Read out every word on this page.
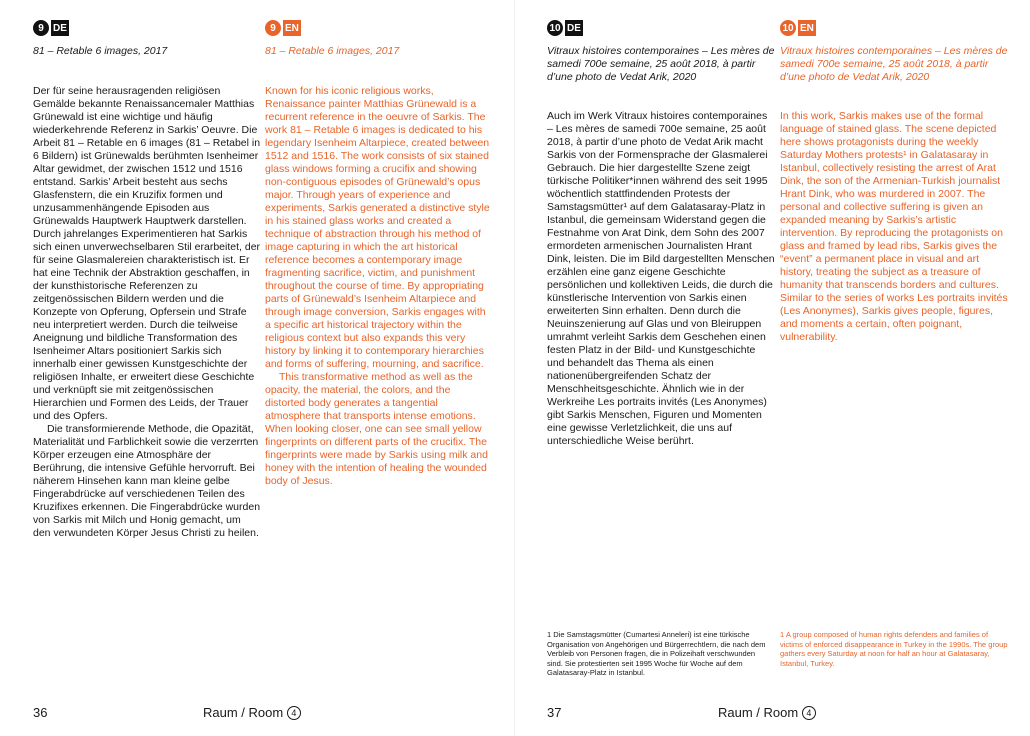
9 DE
81 – Retable 6 images, 2017

Der für seine herausragenden religiösen Gemälde bekannte Renaissancemaler Matthias Grünewald ist eine wichtige und häufig wiederkehrende Referenz in Sarkis’ Oeuvre. Die Arbeit 81 – Retable en 6 images (81 – Retabel in 6 Bildern) ist Grünewalds berühmten Isenheimer Altar gewidmet, der zwischen 1512 und 1516 entstand. Sarkis’ Arbeit besteht aus sechs Glasfenstern, die ein Kruzifix formen und unzusammenhängende Episoden aus Grünewalds Hauptwerk Hauptwerk darstellen. Durch jahrelanges Experimentieren hat Sarkis sich einen unverwechselbaren Stil erarbeitet, der für seine Glasmalereien charakteristisch ist. Er hat eine Technik der Abstraktion geschaffen, in der kunsthistorische Referenzen zu zeitgenössischen Bildern werden und die Konzepte von Opferung, Opfersein und Strafe neu interpretiert werden. Durch die teilweise Aneignung und bildliche Transformation des Isenheimer Altars positioniert Sarkis sich innerhalb einer gewissen Kunstgeschichte der religiösen Inhalte, er erweitert diese Geschichte und verknüpft sie mit zeitgenössischen Hierarchien und Formen des Leids, der Trauer und des Opfers.

Die transformierende Methode, die Opazität, Materialität und Farblichkeit sowie die verzerrten Körper erzeugen eine Atmosphäre der Berührung, die intensive Gefühle hervorruft. Bei näherem Hinsehen kann man kleine gelbe Fingerabdrücke auf verschiedenen Teilen des Kruzifixes erkennen. Die Fingerabdrücke wurden von Sarkis mit Milch und Honig gemacht, um den verwundeten Körper Jesus Christi zu heilen.

9 EN
81 – Retable 6 images, 2017

Known for his iconic religious works, Renaissance painter Matthias Grünewald is a recurrent reference in the oeuvre of Sarkis. The work 81 – Retable 6 images is dedicated to his legendary Isenheim Altarpiece, created between 1512 and 1516. The work consists of six stained glass windows forming a crucifix and showing non-contiguous episodes of Grünewald’s opus major. Through years of experience and experiments, Sarkis generated a distinctive style in his stained glass works and created a technique of abstraction through his method of image capturing in which the art historical reference becomes a contemporary image fragmenting sacrifice, victim, and punishment throughout the course of time. By appropriating parts of Grünewald’s Isenheim Altarpiece and through image conversion, Sarkis engages with a specific art historical trajectory within the religious context but also expands this very history by linking it to contemporary hierarchies and forms of suffering, mourning, and sacrifice.

This transformative method as well as the opacity, the material, the colors, and the distorted body generates a tangential atmosphere that transports intense emotions. When looking closer, one can see small yellow fingerprints on different parts of the crucifix. The fingerprints were made by Sarkis using milk and honey with the intention of healing the wounded body of Jesus.

36	Raum / Room 4
10 DE
Vitraux histoires contemporaines – Les mères de samedi 700e semaine, 25 août 2018, à partir d’une photo de Vedat Arik, 2020

Auch im Werk Vitraux histoires contemporaines – Les mères de samedi 700e semaine, 25 août 2018, à partir d’une photo de Vedat Arik macht Sarkis von der Formensprache der Glasmalerei Gebrauch. Die hier dargestellte Szene zeigt türkische Politiker*innen während des seit 1995 wöchentlich stattfindenden Protests der Samstagsmütter¹ auf dem Galatasaray-Platz in Istanbul, die gemeinsam Widerstand gegen die Festnahme von Arat Dink, dem Sohn des 2007 ermordeten armenischen Journalisten Hrant Dink, leisten. Die im Bild dargestellten Menschen erzählen eine ganz eigene Geschichte persönlichen und kollektiven Leids, die durch die künstlerische Intervention von Sarkis einen erweiterten Sinn erhalten. Denn durch die Neuinszenierung auf Glas und von Bleiruppen umrahmt verleiht Sarkis dem Geschehen einen festen Platz in der Bild- und Kunstgeschichte und behandelt das Thema als einen nationenübergreifenden Schatz der Menschheitsgeschichte. Ähnlich wie in der Werkreihe Les portraits invités (Les Anonymes) gibt Sarkis Menschen, Figuren und Momenten eine gewisse Verletzlichkeit, die uns auf unterschiedliche Weise berührt.

1 Die Samstagsmütter (Cumartesi Anneleri) ist eine türkische Organisation von Angehörigen und Bürgerrechtlern, die nach dem Verbleib von Personen fragen, die in Polizeihaft verschwunden sind. Sie protestierten seit 1995 Woche für Woche auf dem Galatasaray-Platz in Istanbul.
10 EN
Vitraux histoires contemporaines – Les mères de samedi 700e semaine, 25 août 2018, à partir d’une photo de Vedat Arik, 2020

In this work, Sarkis makes use of the formal language of stained glass. The scene depicted here shows protagonists during the weekly Saturday Mothers protests¹ in Galatasaray in Istanbul, collectively resisting the arrest of Arat Dink, the son of the Armenian-Turkish journalist Hrant Dink, who was murdered in 2007. The personal and collective suffering is given an expanded meaning by Sarkis’s artistic intervention. By reproducing the protagonists on glass and framed by lead ribs, Sarkis gives the “event” a permanent place in visual and art history, treating the subject as a treasure of humanity that transcends borders and cultures. Similar to the series of works Les portraits invités (Les Anonymes), Sarkis gives people, figures, and moments a certain, often poignant, vulnerability.

1 A group composed of human rights defenders and families of victims of enforced disappearance in Turkey in the 1990s. The group gathers every Saturday at noon for half an hour at Galatasaray, Istanbul, Turkey.
37	Raum / Room 4
